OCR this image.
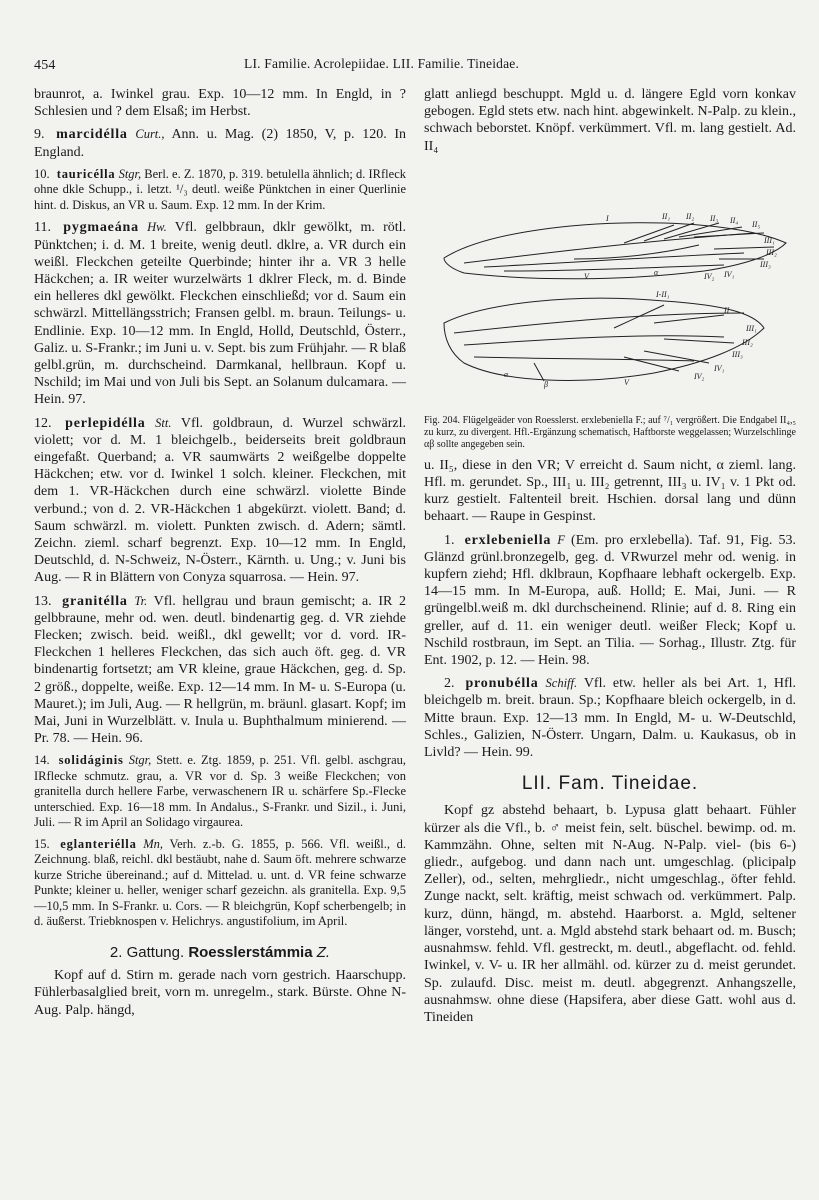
454	LI. Familie. Acrolepiidae. LII. Familie. Tineidae.

braunrot, a. Iwinkel grau. Exp. 10—12 mm. In Engld, in ? Schlesien und ? dem Elsaß; im Herbst.

9. marcidélla Curt., Ann. u. Mag. (2) 1850, V, p. 120. In England.

10. tauricélla Stgr, Berl. e. Z. 1870, p. 319. betulella ähnlich; d. IRfleck ohne dkle Schupp., i. letzt. ¹/₃ deutl. weiße Pünktchen in einer Querlinie hint. d. Diskus, an VR u. Saum. Exp. 12 mm. In der Krim.

11. pygmaeána Hw. Vfl. gelbbraun, dklr gewölkt, m. rötl. Pünktchen; i. d. M. 1 breite, wenig deutl. dklre, a. VR durch ein weißl. Fleckchen geteilte Querbinde; hinter ihr a. VR 3 helle Häckchen; a. IR weiter wurzelwärts 1 dklrer Fleck, m. d. Binde ein helleres dkl gewölkt. Fleckchen einschließd; vor d. Saum ein schwärzl. Mittellängsstrich; Fransen gelbl. m. braun. Teilungs- u. Endlinie. Exp. 10—12 mm. In Engld, Holld, Deutschld, Österr., Galiz. u. S-Frankr.; im Juni u. v. Sept. bis zum Frühjahr. — R blaß gelbl.grün, m. durchscheind. Darmkanal, hellbraun. Kopf u. Nschild; im Mai und von Juli bis Sept. an Solanum dulcamara. — Hein. 97.

12. perlepidélla Stt. Vfl. goldbraun, d. Wurzel schwärzl. violett; vor d. M. 1 bleichgelb., beiderseits breit goldbraun eingefaßt. Querband; a. VR saumwärts 2 weißgelbe doppelte Häckchen; etw. vor d. Iwinkel 1 solch. kleiner. Fleckchen, mit dem 1. VR-Häckchen durch eine schwärzl. violette Binde verbund.; von d. 2. VR-Häckchen 1 abgekürzt. violett. Band; d. Saum schwärzl. m. violett. Punkten zwisch. d. Adern; sämtl. Zeichn. zieml. scharf begrenzt. Exp. 10—12 mm. In Engld, Deutschld, d. N-Schweiz, N-Österr., Kärnth. u. Ung.; v. Juni bis Aug. — R in Blättern von Conyza squarrosa. — Hein. 97.

13. granitélla Tr. Vfl. hellgrau und braun gemischt; a. IR 2 gelbbraune, mehr od. wen. deutl. bindenartig geg. d. VR ziehde Flecken; zwisch. beid. weißl., dkl gewellt; vor d. vord. IR-Fleckchen 1 helleres Fleckchen, das sich auch öft. geg. d. VR bindenartig fortsetzt; am VR kleine, graue Häckchen, geg. d. Sp. 2 größ., doppelte, weiße. Exp. 12—14 mm. In M- u. S-Europa (u. Mauret.); im Juli, Aug. — R hellgrün, m. bräunl. glasart. Kopf; im Mai, Juni in Wurzelblätt. v. Inula u. Buphthalmum minierend. — Pr. 78. — Hein. 96.

14. solidáginis Stgr, Stett. e. Ztg. 1859, p. 251. Vfl. gelbl. aschgrau, IRflecke schmutz. grau, a. VR vor d. Sp. 3 weiße Fleckchen; von granitella durch hellere Farbe, verwaschenern IR u. schärfere Sp.-Flecke unterschied. Exp. 16—18 mm. In Andalus., S-Frankr. und Sizil., i. Juni, Juli. — R im April an Solidago virgaurea.

15. eglanteriélla Mn, Verh. z.-b. G. 1855, p. 566. Vfl. weißl., d. Zeichnung. blaß, reichl. dkl bestäubt, nahe d. Saum öft. mehrere schwarze kurze Striche übereinand.; auf d. Mittelad. u. unt. d. VR feine schwarze Punkte; kleiner u. heller, weniger scharf gezeichn. als granitella. Exp. 9,5—10,5 mm. In S-Frankr. u. Cors. — R bleichgrün, Kopf scherbengelb; in d. äußerst. Triebknospen v. Helichrys. angustifolium, im April.

2. Gattung. Roesslerstámmia Z.

Kopf auf d. Stirn m. gerade nach vorn gestrich. Haarschupp. Fühlerbasalglied breit, vorn m. unregelm., stark. Bürste. Ohne N-Aug. Palp. hängd,

glatt anliegd beschuppt. Mgld u. d. längere Egld vorn konkav gebogen. Egld stets etw. nach hint. abgewinkelt. N-Palp. zu klein., schwach beborstet. Knöpf. verkümmert. Vfl. m. lang gestielt. Ad. II₄

I	II₁ II₂ II₃ II₄ II₅
III₁
III₂
III₃
IV₁
IV₂
V	α
I-II₁
II
III₁
III₂
III₃
IV₁
IV₂
V
α
β
Fig. 204. Flügelgeäder von Roesslerst. erxlebeniella F.; auf ⁷/₁ vergrößert. Die Endgabel II₄,₅ zu kurz, zu divergent. Hfl.-Ergänzung schematisch, Haftborste weggelassen; Wurzelschlinge αβ sollte angegeben sein.

u. II₅, diese in den VR; V erreicht d. Saum nicht, α zieml. lang. Hfl. m. gerundet. Sp., III₁ u. III₂ getrennt, III₃ u. IV₁ v. 1 Pkt od. kurz gestielt. Faltenteil breit. Hschien. dorsal lang und dünn behaart. — Raupe in Gespinst.

1. erxlebeniella F (Em. pro erxlebella). Taf. 91, Fig. 53. Glänzd grünl.bronzegelb, geg. d. VRwurzel mehr od. wenig. in kupfern ziehd; Hfl. dklbraun, Kopfhaare lebhaft ockergelb. Exp. 14—15 mm. In M-Europa, auß. Holld; E. Mai, Juni. — R grüngelbl.weiß m. dkl durchscheinend. Rlinie; auf d. 8. Ring ein greller, auf d. 11. ein weniger deutl. weißer Fleck; Kopf u. Nschild rostbraun, im Sept. an Tilia. — Sorhag., Illustr. Ztg. für Ent. 1902, p. 12. — Hein. 98.

2. pronubélla Schiff. Vfl. etw. heller als bei Art. 1, Hfl. bleichgelb m. breit. braun. Sp.; Kopfhaare bleich ockergelb, in d. Mitte braun. Exp. 12—13 mm. In Engld, M- u. W-Deutschld, Schles., Galizien, N-Österr. Ungarn, Dalm. u. Kaukasus, ob in Livld? — Hein. 99.

LII. Fam. Tineidae.

Kopf gz abstehd behaart, b. Lypusa glatt behaart. Fühler kürzer als die Vfl., b. ♂ meist fein, selt. büschel. bewimp. od. m. Kammzähn. Ohne, selten mit N-Aug. N-Palp. viel- (bis 6-) gliedr., aufgebog. und dann nach unt. umgeschlag. (plicipalp Zeller), od., selten, mehrgliedr., nicht umgeschlag., öfter fehld. Zunge nackt, selt. kräftig, meist schwach od. verkümmert. Palp. kurz, dünn, hängd, m. abstehd. Haarborst. a. Mgld, seltener länger, vorstehd, unt. a. Mgld abstehd stark behaart od. m. Busch; ausnahmsw. fehld. Vfl. gestreckt, m. deutl., abgeflacht. od. fehld. Iwinkel, v. V- u. IR her allmähl. od. kürzer zu d. meist gerundet. Sp. zulaufd. Disc. meist m. deutl. abgegrenzt. Anhangszelle, ausnahmsw. ohne diese (Hapsifera, aber diese Gatt. wohl aus d. Tineiden
